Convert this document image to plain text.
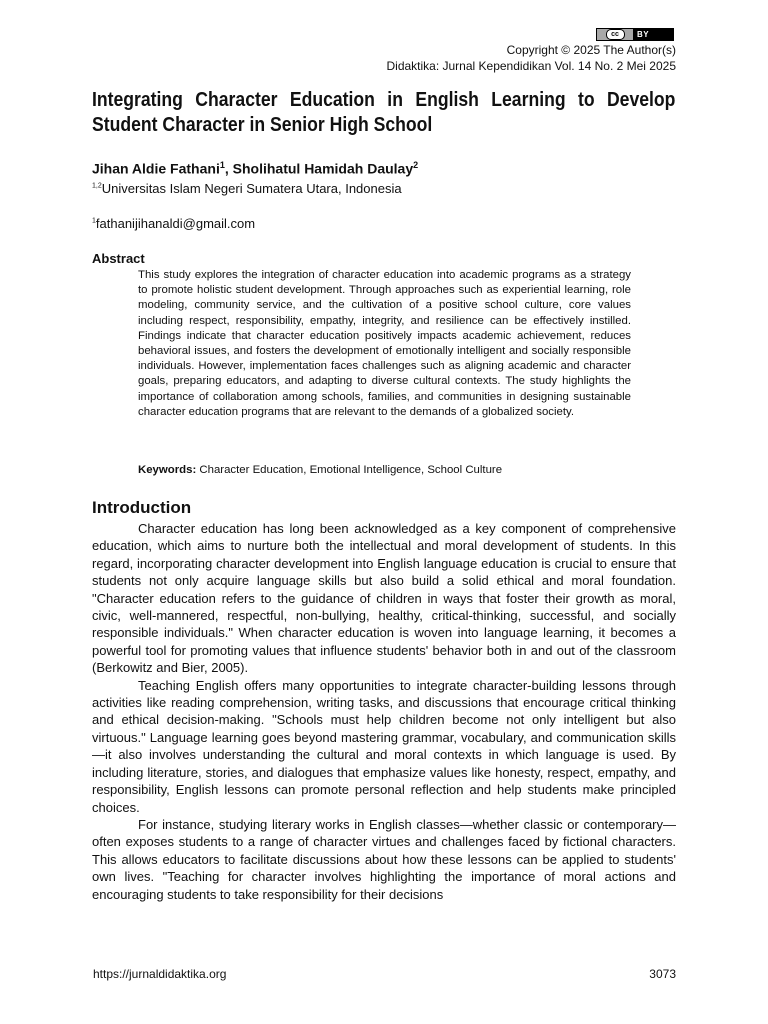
cc	BY
Copyright © 2025 The Author(s)
Didaktika: Jurnal Kependidikan Vol. 14 No. 2 Mei 2025
Integrating Character Education in English Learning to Develop Student Character in Senior High School
Jihan Aldie Fathani$^1$, Sholihatul Hamidah Daulay$^2$
$^{1,2}$Universitas Islam Negeri Sumatera Utara, Indonesia
$^1$fathanijihanaldi@gmail.com
Abstract

This study explores the integration of character education into academic programs as a strategy to promote holistic student development. Through approaches such as experiential learning, role modeling, community service, and the cultivation of a positive school culture, core values including respect, responsibility, empathy, integrity, and resilience can be effectively instilled. Findings indicate that character education positively impacts academic achievement, reduces behavioral issues, and fosters the development of emotionally intelligent and socially responsible individuals. However, implementation faces challenges such as aligning academic and character goals, preparing educators, and adapting to diverse cultural contexts. The study highlights the importance of collaboration among schools, families, and communities in designing sustainable character education programs that are relevant to the demands of a globalized society.

Keywords: Character Education, Emotional Intelligence, School Culture
Introduction

Character education has long been acknowledged as a key component of comprehensive education, which aims to nurture both the intellectual and moral development of students. In this regard, incorporating character development into English language education is crucial to ensure that students not only acquire language skills but also build a solid ethical and moral foundation. "Character education refers to the guidance of children in ways that foster their growth as moral, civic, well-mannered, respectful, non-bullying, healthy, critical-thinking, successful, and socially responsible individuals." When character education is woven into language learning, it becomes a powerful tool for promoting values that influence students' behavior both in and out of the classroom (Berkowitz and Bier, 2005).

Teaching English offers many opportunities to integrate character-building lessons through activities like reading comprehension, writing tasks, and discussions that encourage critical thinking and ethical decision-making. "Schools must help children become not only intelligent but also virtuous." Language learning goes beyond mastering grammar, vocabulary, and communication skills—it also involves understanding the cultural and moral contexts in which language is used. By including literature, stories, and dialogues that emphasize values like honesty, respect, empathy, and responsibility, English lessons can promote personal reflection and help students make principled choices.

For instance, studying literary works in English classes—whether classic or contemporary—often exposes students to a range of character virtues and challenges faced by fictional characters. This allows educators to facilitate discussions about how these lessons can be applied to students' own lives. "Teaching for character involves highlighting the importance of moral actions and encouraging students to take responsibility for their decisions

https://jurnaldidaktika.org	3073
